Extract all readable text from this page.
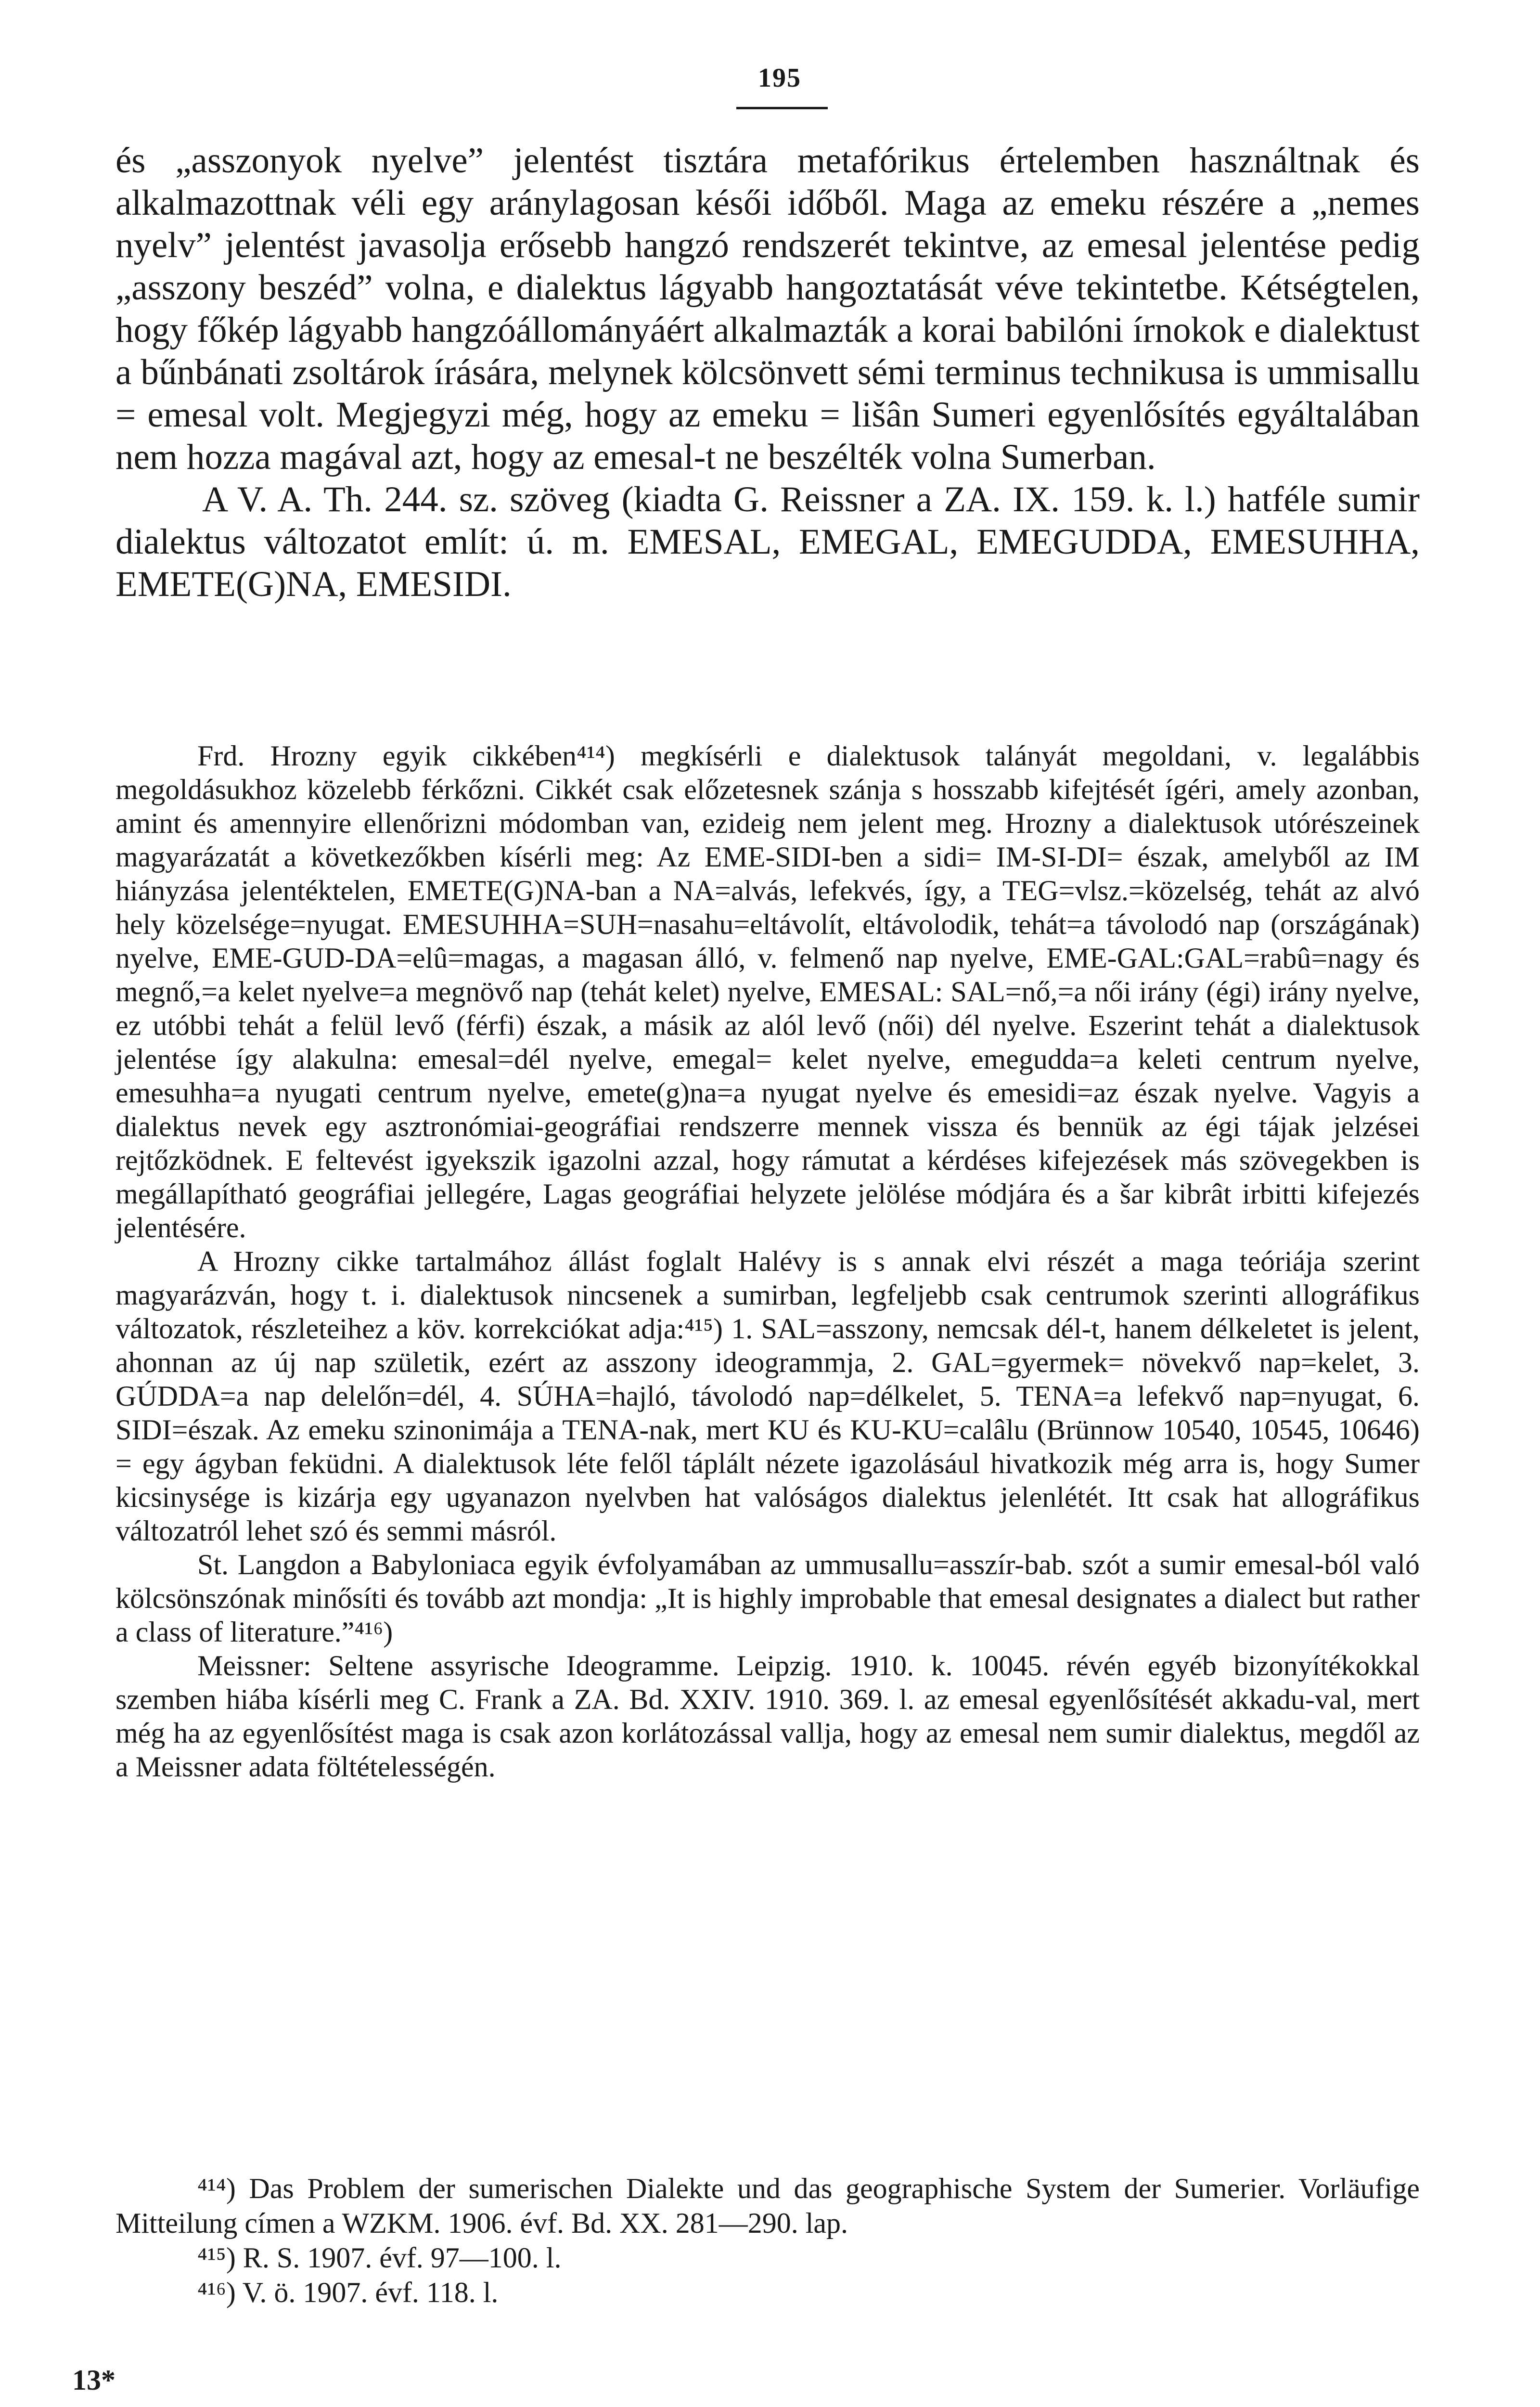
195

és „asszonyok nyelve” jelentést tisztára metafórikus értelemben használtnak és alkalmazottnak véli egy aránylagosan késői időből. Maga az emeku részére a „nemes nyelv” jelentést javasolja erősebb hangzó rendszerét tekintve, az emesal jelentése pedig „asszony beszéd” volna, e dialektus lágyabb hangoztatását véve tekintetbe. Kétségtelen, hogy főkép lágyabb hangzóállományáért alkalmazták a korai babilóni írnokok e dialektust a bűnbánati zsoltárok írására, melynek kölcsönvett sémi terminus technikusa is ummisallu = emesal volt. Megjegyzi még, hogy az emeku = lišân Sumeri egyenlősítés egyáltalában nem hozza magával azt, hogy az emesal-t ne beszélték volna Sumerban.

A V. A. Th. 244. sz. szöveg (kiadta G. Reissner a ZA. IX. 159. k. l.) hatféle sumir dialektus változatot említ: ú. m. EMESAL, EMEGAL, EMEGUDDA, EMESUHHA, EMETE(G)NA, EMESIDI.

Frd. Hrozny egyik cikkében⁴¹⁴) megkísérli e dialektusok talányát megoldani, v. legalábbis megoldásukhoz közelebb férkőzni. Cikkét csak előzetesnek szánja s hosszabb kifejtését ígéri, amely azonban, amint és amennyire ellenőrizni módomban van, ezideig nem jelent meg. Hrozny a dialektusok utórészeinek magyarázatát a következőkben kísérli meg: Az EME-SIDI-ben a sidi= IM-SI-DI= észak, amelyből az IM hiányzása jelentéktelen, EMETE(G)NA-ban a NA=alvás, lefekvés, így, a TEG=vlsz.=közelség, tehát az alvó hely közelsége=nyugat. EMESUHHA=SUH=nasahu=eltávolít, eltávolodik, tehát=a távolodó nap (országának) nyelve, EME-GUD-DA=elû=magas, a magasan álló, v. felmenő nap nyelve, EME-GAL:GAL=rabû=nagy és megnő,=a kelet nyelve=a megnövő nap (tehát kelet) nyelve, EMESAL: SAL=nő,=a női irány (égi) irány nyelve, ez utóbbi tehát a felül levő (férfi) észak, a másik az alól levő (női) dél nyelve. Eszerint tehát a dialektusok jelentése így alakulna: emesal=dél nyelve, emegal= kelet nyelve, emegudda=a keleti centrum nyelve, emesuhha=a nyugati centrum nyelve, emete(g)na=a nyugat nyelve és emesidi=az észak nyelve. Vagyis a dialektus nevek egy asztronómiai-geográfiai rendszerre mennek vissza és bennük az égi tájak jelzései rejtőzködnek. E feltevést igyekszik igazolni azzal, hogy rámutat a kérdéses kifejezések más szövegekben is megállapítható geográfiai jellegére, Lagas geográfiai helyzete jelölése módjára és a šar kibrât irbitti kifejezés jelentésére.

A Hrozny cikke tartalmához állást foglalt Halévy is s annak elvi részét a maga teóriája szerint magyarázván, hogy t. i. dialektusok nincsenek a sumirban, legfeljebb csak centrumok szerinti allográfikus változatok, részleteihez a köv. korrekciókat adja:⁴¹⁵) 1. SAL=asszony, nemcsak dél-t, hanem délkeletet is jelent, ahonnan az új nap születik, ezért az asszony ideogrammja, 2. GAL=gyermek= növekvő nap=kelet, 3. GÚDDA=a nap delelőn=dél, 4. SÚHA=hajló, távolodó nap=délkelet, 5. TENA=a lefekvő nap=nyugat, 6. SIDI=észak. Az emeku szinonimája a TENA-nak, mert KU és KU-KU=calâlu (Brünnow 10540, 10545, 10646) = egy ágyban feküdni. A dialektusok léte felől táplált nézete igazolásául hivatkozik még arra is, hogy Sumer kicsinysége is kizárja egy ugyanazon nyelvben hat valóságos dialektus jelenlétét. Itt csak hat allográfikus változatról lehet szó és semmi másról.

St. Langdon a Babyloniaca egyik évfolyamában az ummusallu=asszír-bab. szót a sumir emesal-ból való kölcsönszónak minősíti és tovább azt mondja: „It is highly improbable that emesal designates a dialect but rather a class of literature.”⁴¹⁶)

Meissner: Seltene assyrische Ideogramme. Leipzig. 1910. k. 10045. révén egyéb bizonyítékokkal szemben hiába kísérli meg C. Frank a ZA. Bd. XXIV. 1910. 369. l. az emesal egyenlősítését akkadu-val, mert még ha az egyenlősítést maga is csak azon korlátozással vallja, hogy az emesal nem sumir dialektus, megdől az a Meissner adata föltételességén.

⁴¹⁴) Das Problem der sumerischen Dialekte und das geographische System der Sumerier. Vorläufige Mitteilung címen a WZKM. 1906. évf. Bd. XX. 281—290. lap.

⁴¹⁵) R. S. 1907. évf. 97—100. l.

⁴¹⁶) V. ö. 1907. évf. 118. l.

13*
